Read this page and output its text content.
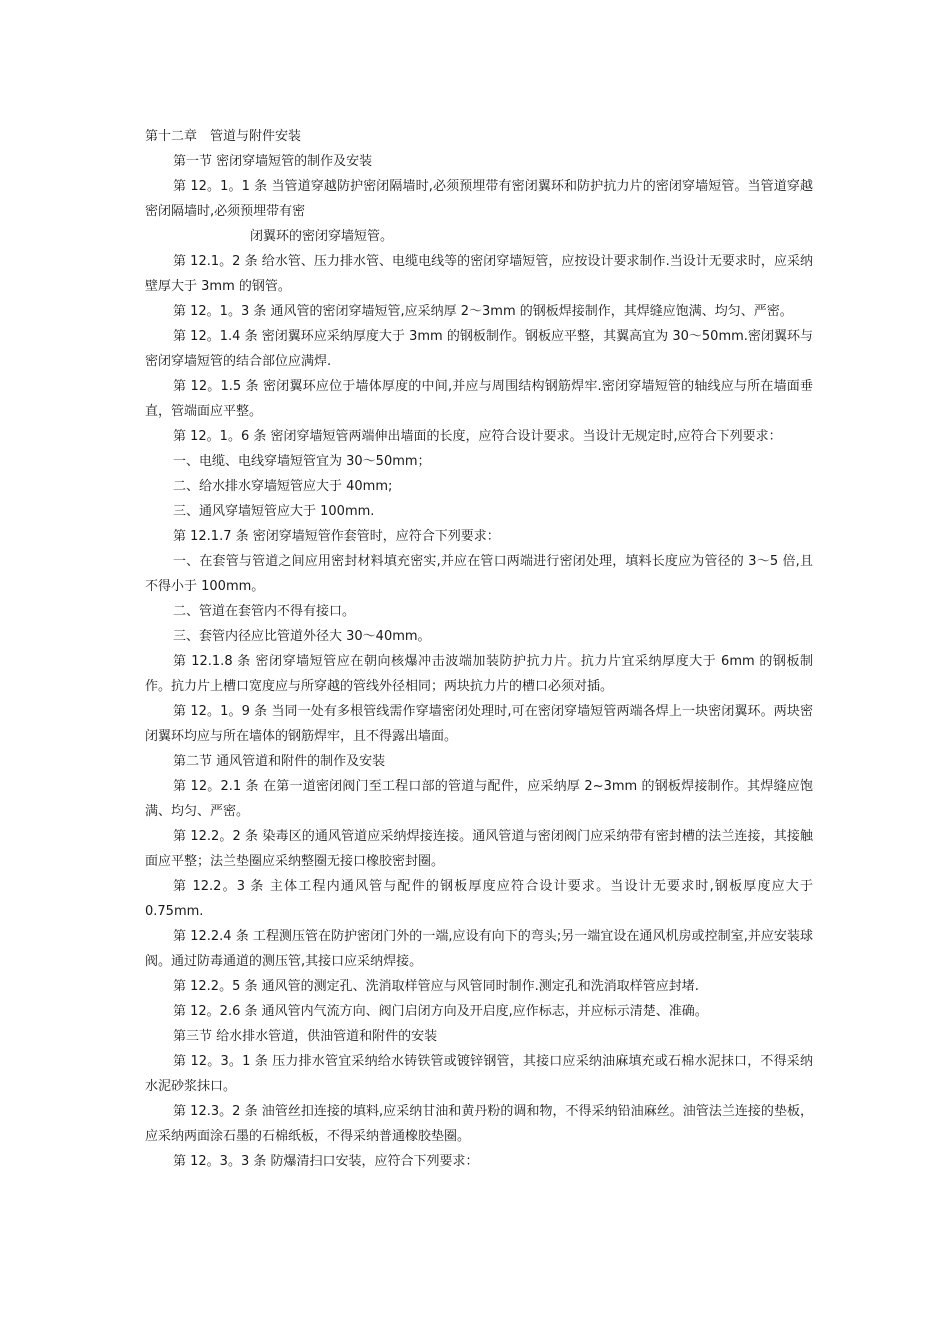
第十二章　管道与附件安装

第一节 密闭穿墙短管的制作及安装

第 12。1。1 条 当管道穿越防护密闭隔墙时,必须预埋带有密闭翼环和防护抗力片的密闭穿墙短管。当管道穿越密闭隔墙时,必须预埋带有密

闭翼环的密闭穿墙短管。

第 12.1。2 条 给水管、压力排水管、电缆电线等的密闭穿墙短管，应按设计要求制作.当设计无要求时，应采纳壁厚大于 3mm 的钢管。

第 12。1。3 条 通风管的密闭穿墙短管,应采纳厚 2～3mm 的钢板焊接制作，其焊缝应饱满、均匀、严密。

第 12。1.4 条 密闭翼环应采纳厚度大于 3mm 的钢板制作。钢板应平整，其翼高宜为 30～50mm.密闭翼环与密闭穿墙短管的结合部位应满焊.

第 12。1.5 条 密闭翼环应位于墙体厚度的中间,并应与周围结构钢筋焊牢.密闭穿墙短管的轴线应与所在墙面垂直，管端面应平整。

第 12。1。6 条 密闭穿墙短管两端伸出墙面的长度，应符合设计要求。当设计无规定时,应符合下列要求：

一、电缆、电线穿墙短管宜为 30～50mm；

二、给水排水穿墙短管应大于 40mm;

三、通风穿墙短管应大于 100mm.

第 12.1.7 条 密闭穿墙短管作套管时，应符合下列要求：

一、在套管与管道之间应用密封材料填充密实,并应在管口两端进行密闭处理，填料长度应为管径的 3～5 倍,且不得小于 100mm。

二、管道在套管内不得有接口。

三、套管内径应比管道外径大 30～40mm。

第 12.1.8 条 密闭穿墙短管应在朝向核爆冲击波端加装防护抗力片。抗力片宜采纳厚度大于 6mm 的钢板制作。抗力片上槽口宽度应与所穿越的管线外径相同；两块抗力片的槽口必须对插。

第 12。1。9 条 当同一处有多根管线需作穿墙密闭处理时,可在密闭穿墙短管两端各焊上一块密闭翼环。两块密闭翼环均应与所在墙体的钢筋焊牢，且不得露出墙面。

第二节 通风管道和附件的制作及安装

第 12。2.1 条 在第一道密闭阀门至工程口部的管道与配件，应采纳厚 2~3mm 的钢板焊接制作。其焊缝应饱满、均匀、严密。

第 12.2。2 条 染毒区的通风管道应采纳焊接连接。通风管道与密闭阀门应采纳带有密封槽的法兰连接，其接触面应平整；法兰垫圈应采纳整圈无接口橡胶密封圈。

第 12.2。3 条 主体工程内通风管与配件的钢板厚度应符合设计要求。当设计无要求时,钢板厚度应大于 0.75mm.

第 12.2.4 条 工程测压管在防护密闭门外的一端,应设有向下的弯头;另一端宜设在通风机房或控制室,并应安装球阀。通过防毒通道的测压管,其接口应采纳焊接。

第 12.2。5 条 通风管的测定孔、洗消取样管应与风管同时制作.测定孔和洗消取样管应封堵.

第 12。2.6 条 通风管内气流方向、阀门启闭方向及开启度,应作标志，并应标示清楚、准确。

第三节 给水排水管道，供油管道和附件的安装

第 12。3。1 条 压力排水管宜采纳给水铸铁管或镀锌钢管，其接口应采纳油麻填充或石棉水泥抹口，不得采纳水泥砂浆抹口。

第 12.3。2 条 油管丝扣连接的填料,应采纳甘油和黄丹粉的调和物，不得采纳铅油麻丝。油管法兰连接的垫板，应采纳两面涂石墨的石棉纸板，不得采纳普通橡胶垫圈。

第 12。3。3 条 防爆清扫口安装，应符合下列要求：
